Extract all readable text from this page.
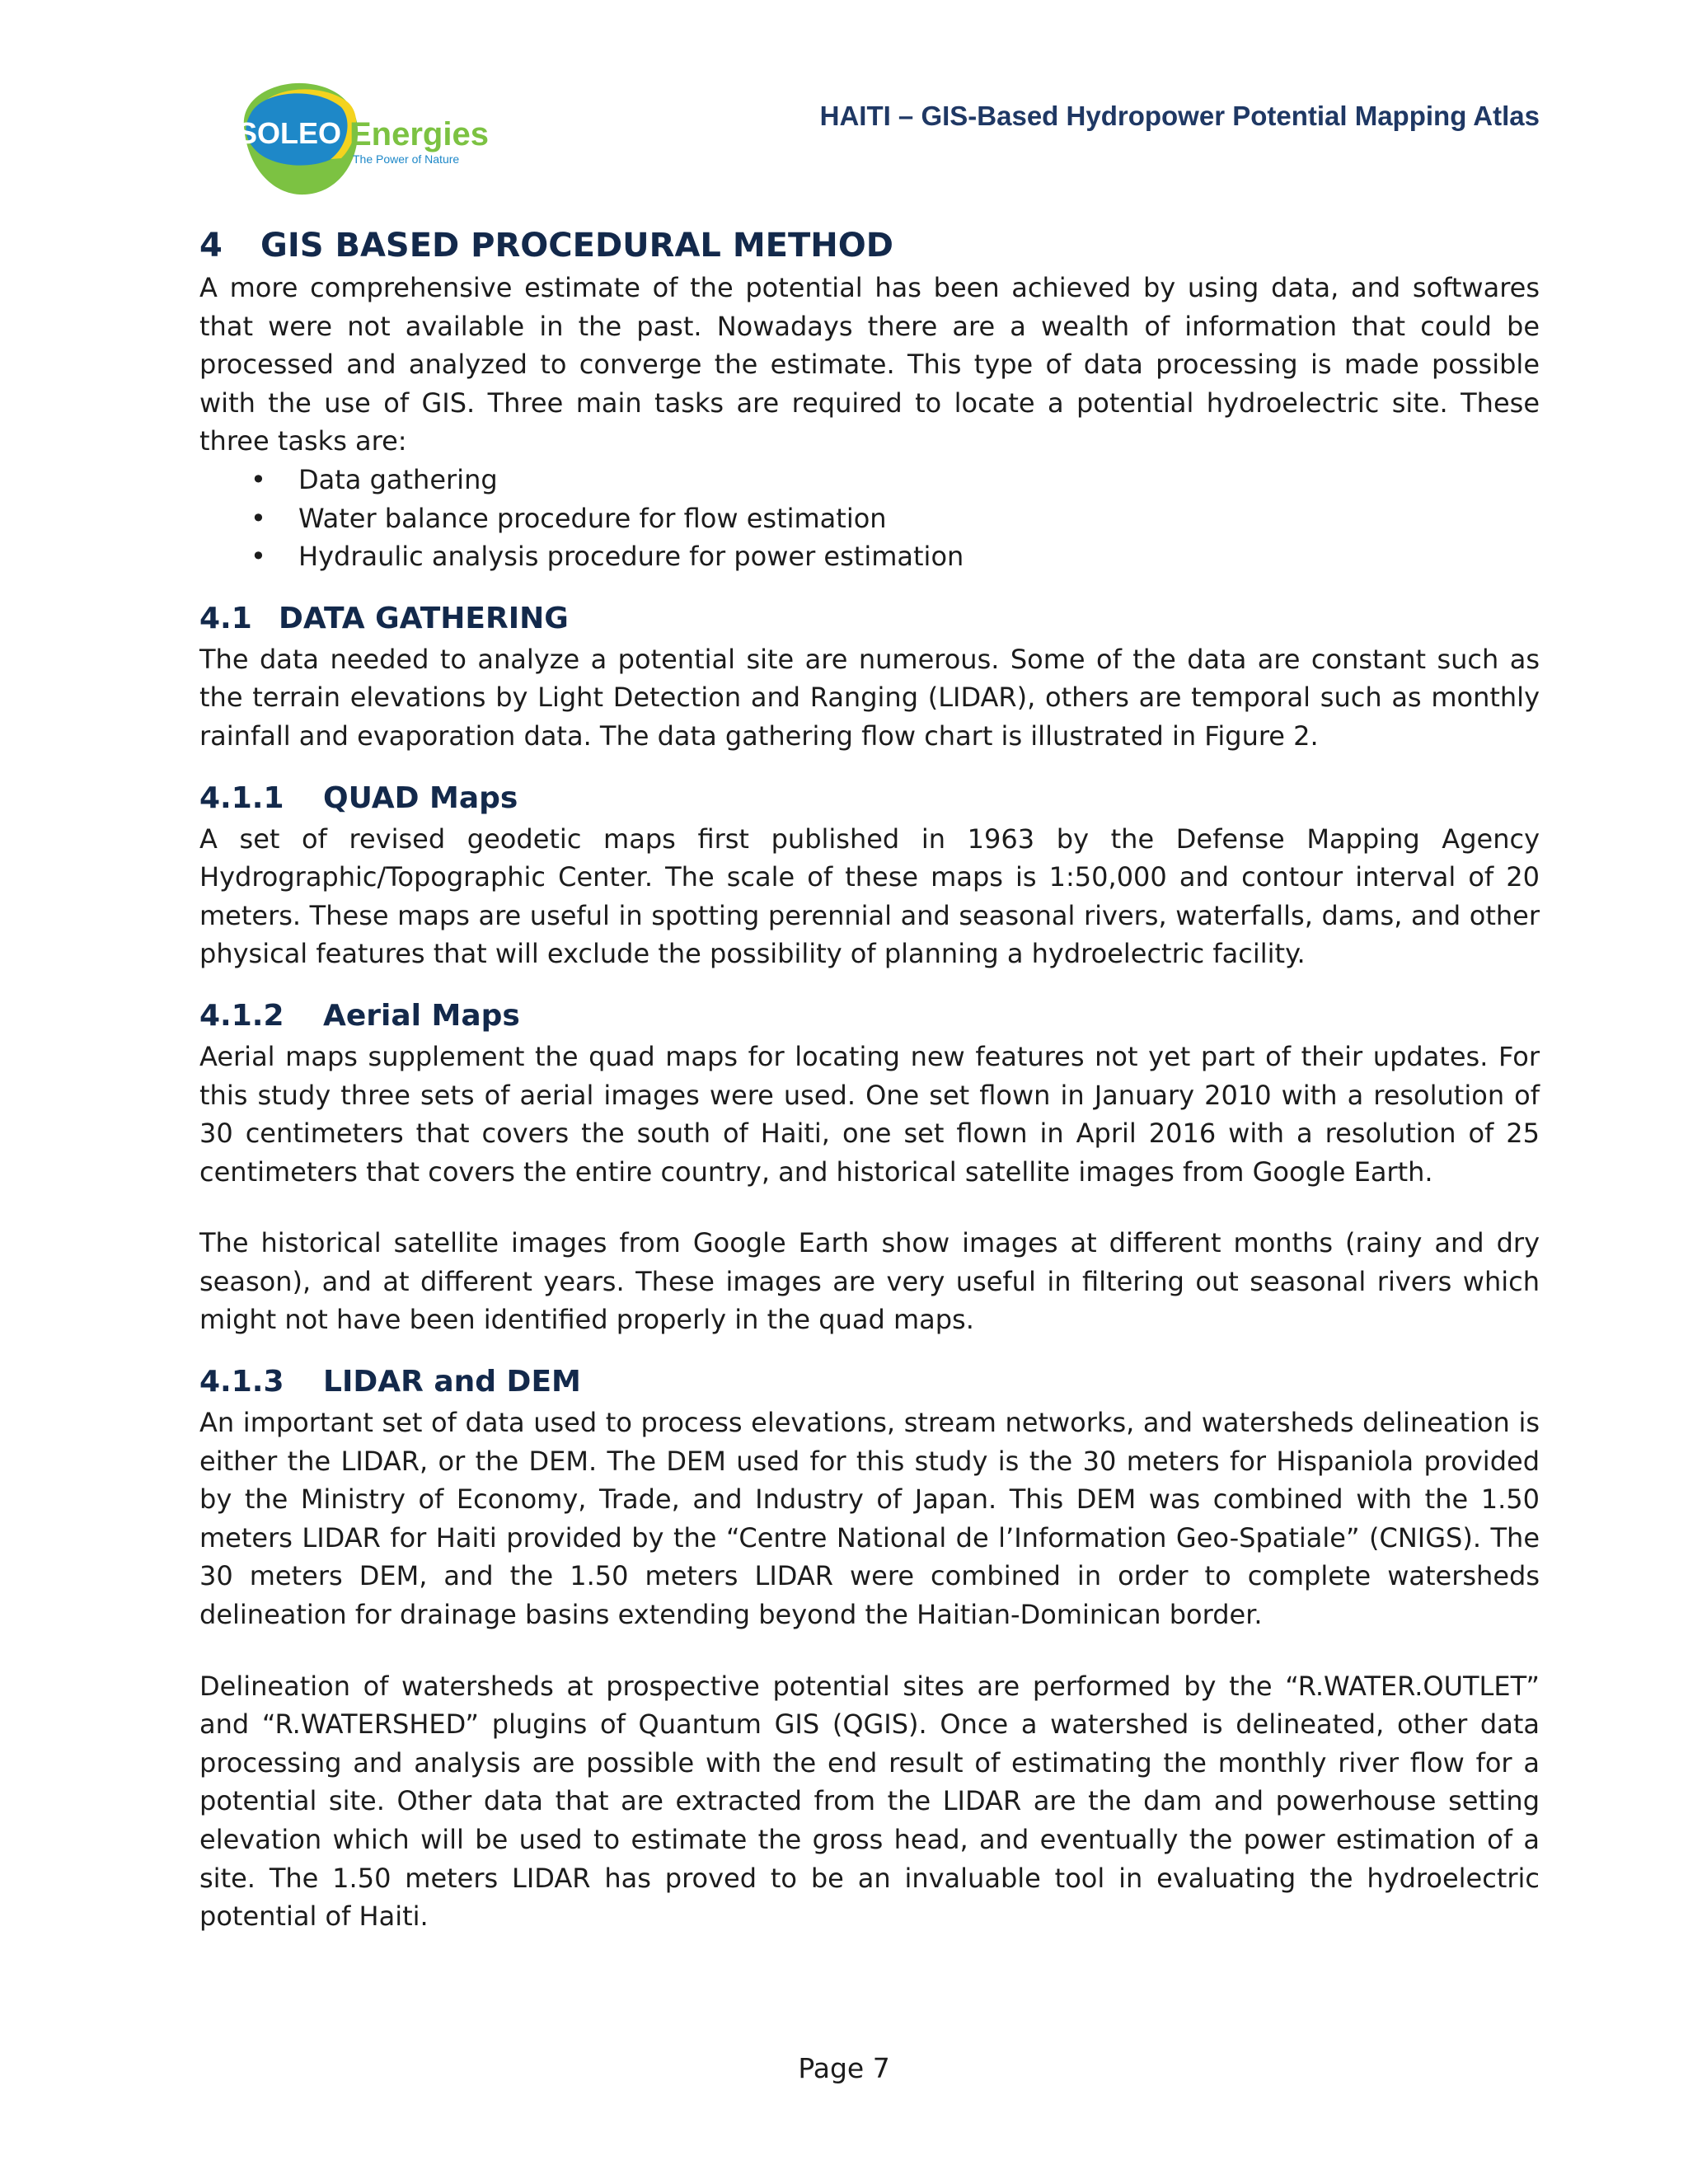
SOLEO Energies
The Power of Nature
HAITI – GIS-Based Hydropower Potential Mapping Atlas
4 GIS BASED PROCEDURAL METHOD

A more comprehensive estimate of the potential has been achieved by using data, and softwares that were not available in the past. Nowadays there are a wealth of information that could be processed and analyzed to converge the estimate. This type of data processing is made possible with the use of GIS. Three main tasks are required to locate a potential hydroelectric site. These three tasks are:

• Data gathering
• Water balance procedure for flow estimation
• Hydraulic analysis procedure for power estimation
4.1 DATA GATHERING

The data needed to analyze a potential site are numerous. Some of the data are constant such as the terrain elevations by Light Detection and Ranging (LIDAR), others are temporal such as monthly rainfall and evaporation data. The data gathering flow chart is illustrated in Figure 2.

4.1.1 QUAD Maps

A set of revised geodetic maps first published in 1963 by the Defense Mapping Agency Hydrographic/Topographic Center. The scale of these maps is 1:50,000 and contour interval of 20 meters. These maps are useful in spotting perennial and seasonal rivers, waterfalls, dams, and other physical features that will exclude the possibility of planning a hydroelectric facility.

4.1.2 Aerial Maps

Aerial maps supplement the quad maps for locating new features not yet part of their updates. For this study three sets of aerial images were used. One set flown in January 2010 with a resolution of 30 centimeters that covers the south of Haiti, one set flown in April 2016 with a resolution of 25 centimeters that covers the entire country, and historical satellite images from Google Earth.

The historical satellite images from Google Earth show images at different months (rainy and dry season), and at different years. These images are very useful in filtering out seasonal rivers which might not have been identified properly in the quad maps.

4.1.3 LIDAR and DEM

An important set of data used to process elevations, stream networks, and watersheds delineation is either the LIDAR, or the DEM. The DEM used for this study is the 30 meters for Hispaniola provided by the Ministry of Economy, Trade, and Industry of Japan. This DEM was combined with the 1.50 meters LIDAR for Haiti provided by the “Centre National de l’Information Geo-Spatiale” (CNIGS). The 30 meters DEM, and the 1.50 meters LIDAR were combined in order to complete watersheds delineation for drainage basins extending beyond the Haitian-Dominican border.

Delineation of watersheds at prospective potential sites are performed by the “R.WATER.OUTLET” and “R.WATERSHED” plugins of Quantum GIS (QGIS). Once a watershed is delineated, other data processing and analysis are possible with the end result of estimating the monthly river flow for a potential site. Other data that are extracted from the LIDAR are the dam and powerhouse setting elevation which will be used to estimate the gross head, and eventually the power estimation of a site. The 1.50 meters LIDAR has proved to be an invaluable tool in evaluating the hydroelectric potential of Haiti.

Page 7
